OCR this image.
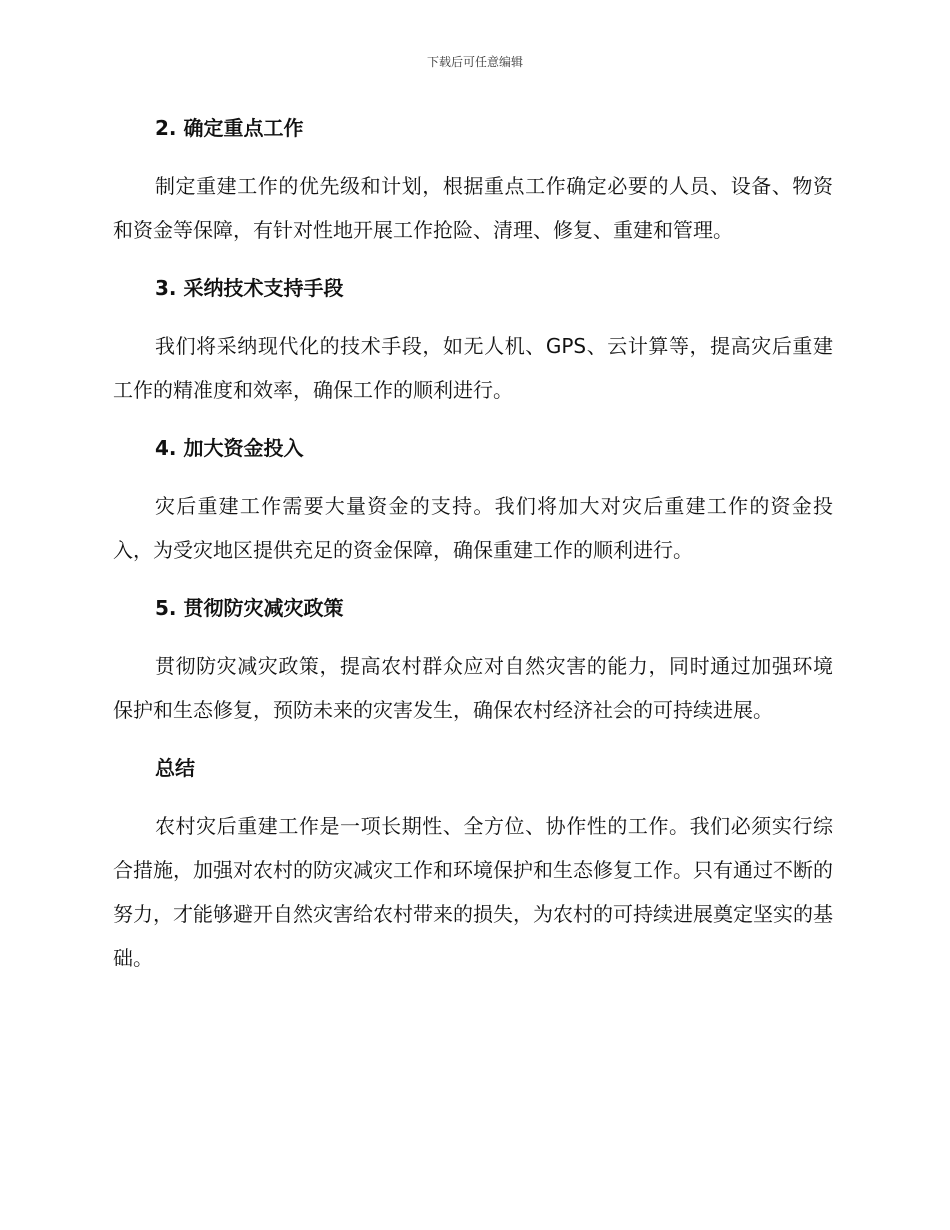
下载后可任意编辑
2. 确定重点工作

制定重建工作的优先级和计划，根据重点工作确定必要的人员、设备、物资和资金等保障，有针对性地开展工作抢险、清理、修复、重建和管理。

3. 采纳技术支持手段

我们将采纳现代化的技术手段，如无人机、GPS、云计算等，提高灾后重建工作的精准度和效率，确保工作的顺利进行。

4. 加大资金投入

灾后重建工作需要大量资金的支持。我们将加大对灾后重建工作的资金投入，为受灾地区提供充足的资金保障，确保重建工作的顺利进行。

5. 贯彻防灾减灾政策

贯彻防灾减灾政策，提高农村群众应对自然灾害的能力，同时通过加强环境保护和生态修复，预防未来的灾害发生，确保农村经济社会的可持续进展。

总结

农村灾后重建工作是一项长期性、全方位、协作性的工作。我们必须实行综合措施，加强对农村的防灾减灾工作和环境保护和生态修复工作。只有通过不断的努力，才能够避开自然灾害给农村带来的损失，为农村的可持续进展奠定坚实的基础。
